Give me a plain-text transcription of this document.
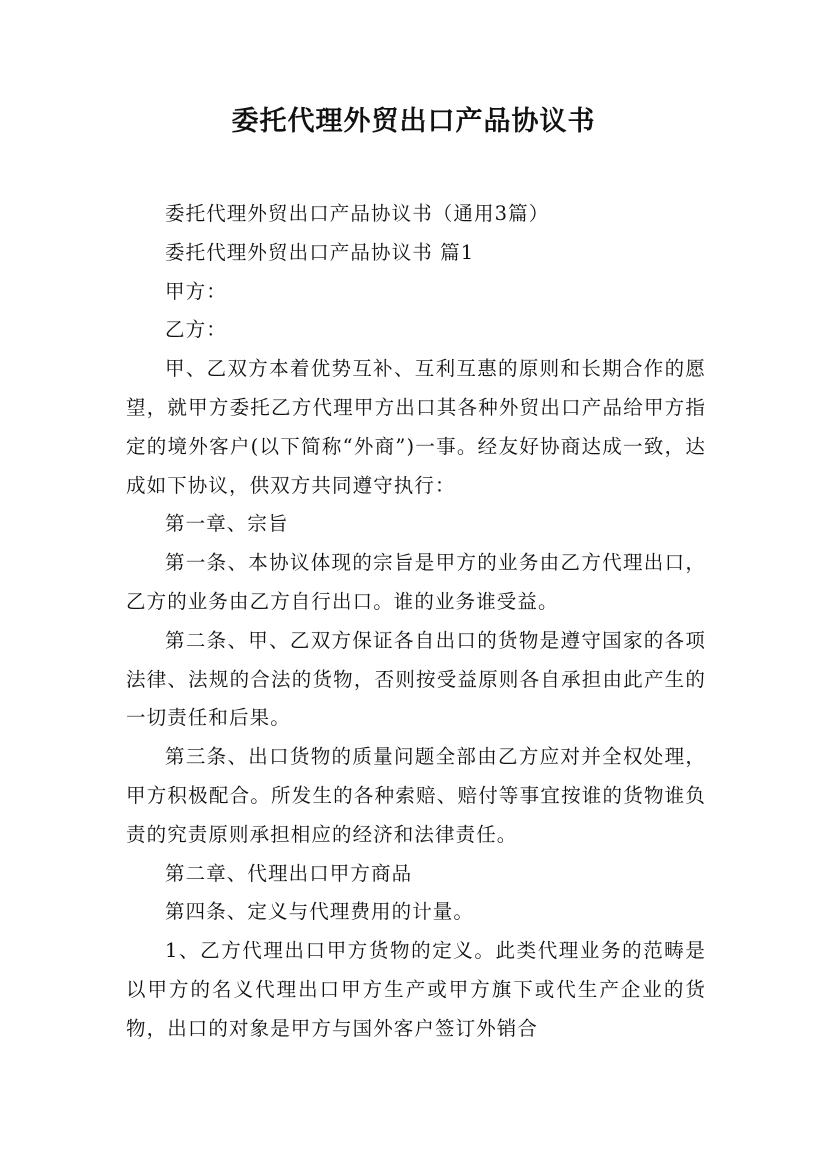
委托代理外贸出口产品协议书

委托代理外贸出口产品协议书（通用3篇）

委托代理外贸出口产品协议书 篇1

甲方：

乙方：

甲、乙双方本着优势互补、互利互惠的原则和长期合作的愿望，就甲方委托乙方代理甲方出口其各种外贸出口产品给甲方指定的境外客户(以下简称“外商”)一事。经友好协商达成一致，达成如下协议，供双方共同遵守执行：

第一章、宗旨

第一条、本协议体现的宗旨是甲方的业务由乙方代理出口，乙方的业务由乙方自行出口。谁的业务谁受益。

第二条、甲、乙双方保证各自出口的货物是遵守国家的各项法律、法规的合法的货物，否则按受益原则各自承担由此产生的一切责任和后果。

第三条、出口货物的质量问题全部由乙方应对并全权处理，甲方积极配合。所发生的各种索赔、赔付等事宜按谁的货物谁负责的究责原则承担相应的经济和法律责任。

第二章、代理出口甲方商品

第四条、定义与代理费用的计量。

1、乙方代理出口甲方货物的定义。此类代理业务的范畴是以甲方的名义代理出口甲方生产或甲方旗下或代生产企业的货物，出口的对象是甲方与国外客户签订外销合
